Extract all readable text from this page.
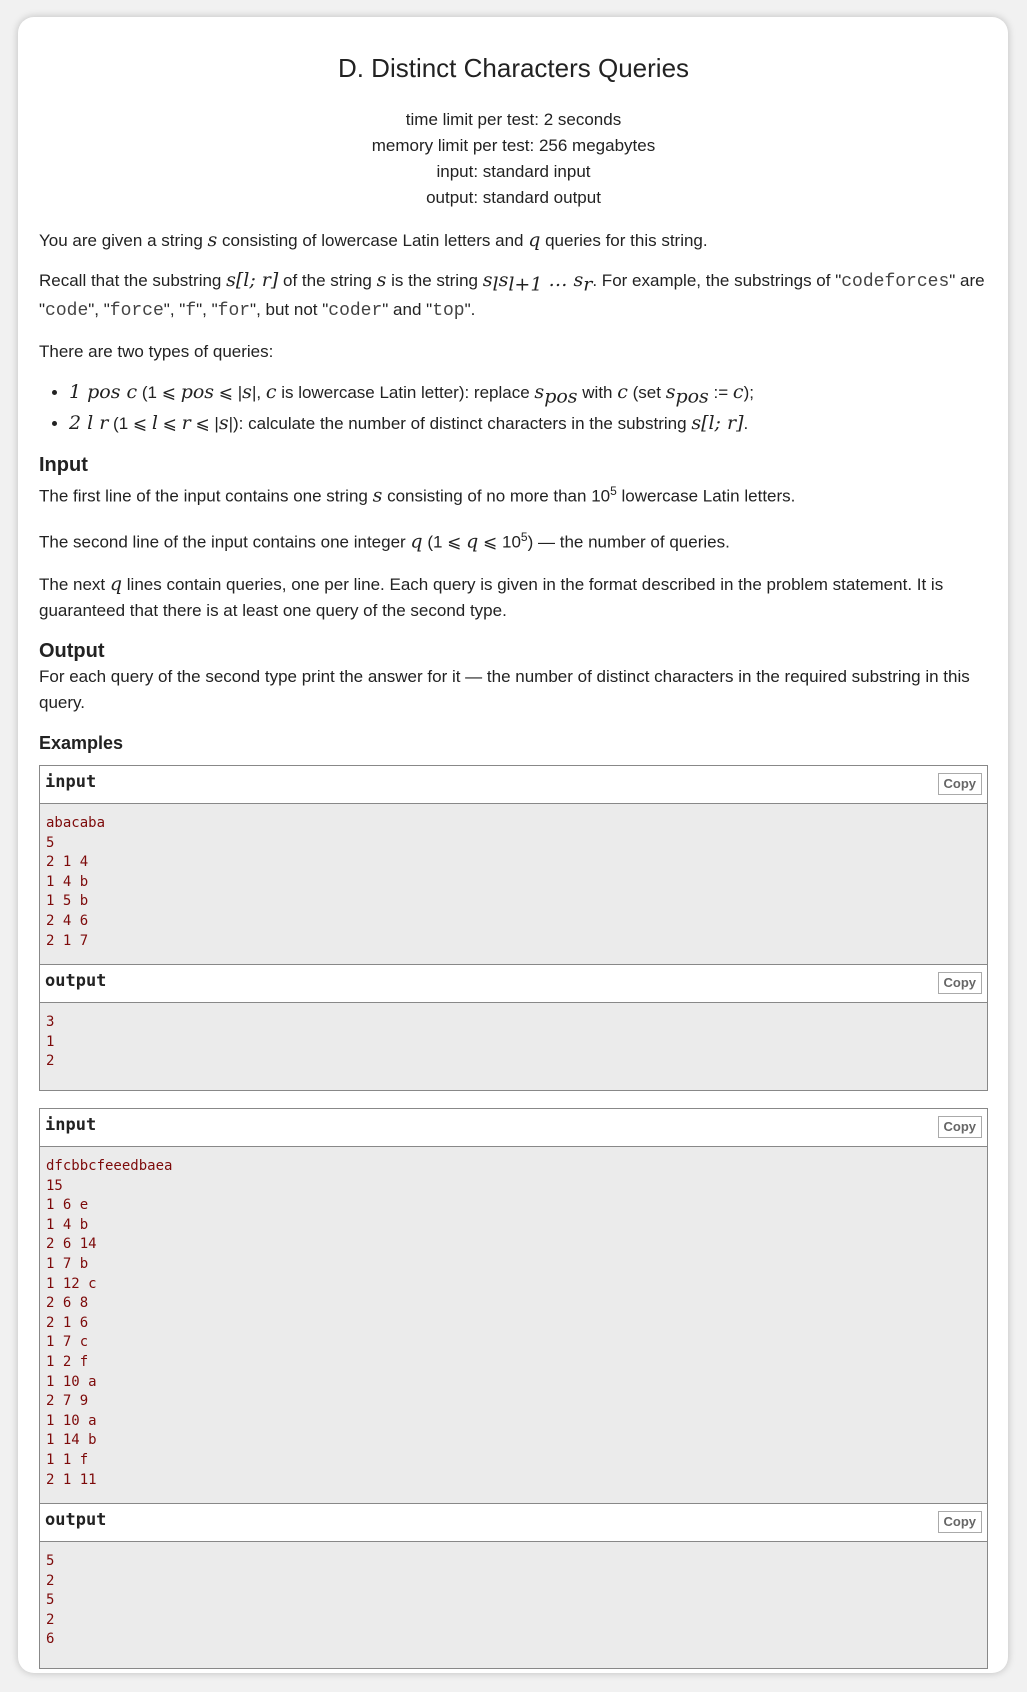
D. Distinct Characters Queries
time limit per test: 2 seconds
memory limit per test: 256 megabytes
input: standard input
output: standard output

You are given a string s consisting of lowercase Latin letters and q queries for this string.

Recall that the substring s[l; r] of the string s is the string $s_ls_{l+1}$ … $s_r$. For example, the substrings of "codeforces" are "code", "force", "f", "for", but not "coder" and "top".

There are two types of queries:

• 1 pos c (1 ⩽ pos ⩽ |s|, c is lowercase Latin letter): replace $s_{pos}$ with c (set $s_{pos}$ := c);
• 2 l r (1 ⩽ l ⩽ r ⩽ |s|): calculate the number of distinct characters in the substring s[l; r].
Input

The first line of the input contains one string s consisting of no more than $10^5$ lowercase Latin letters.

The second line of the input contains one integer q (1 ⩽ q ⩽ $10^5$) — the number of queries.

The next q lines contain queries, one per line. Each query is given in the format described in the problem statement. It is guaranteed that there is at least one query of the second type.

Output

For each query of the second type print the answer for it — the number of distinct characters in the required substring in this query.

Examples
input	Copy
abacaba
5
2 1 4
1 4 b
1 5 b
2 4 6
2 1 7
output	Copy
3
1
2
input	Copy
dfcbbcfeeedbaea
15
1 6 e
1 4 b
2 6 14
1 7 b
1 12 c
2 6 8
2 1 6
1 7 c
1 2 f
1 10 a
2 7 9
1 10 a
1 14 b
1 1 f
2 1 11
output	Copy
5
2
5
2
6
